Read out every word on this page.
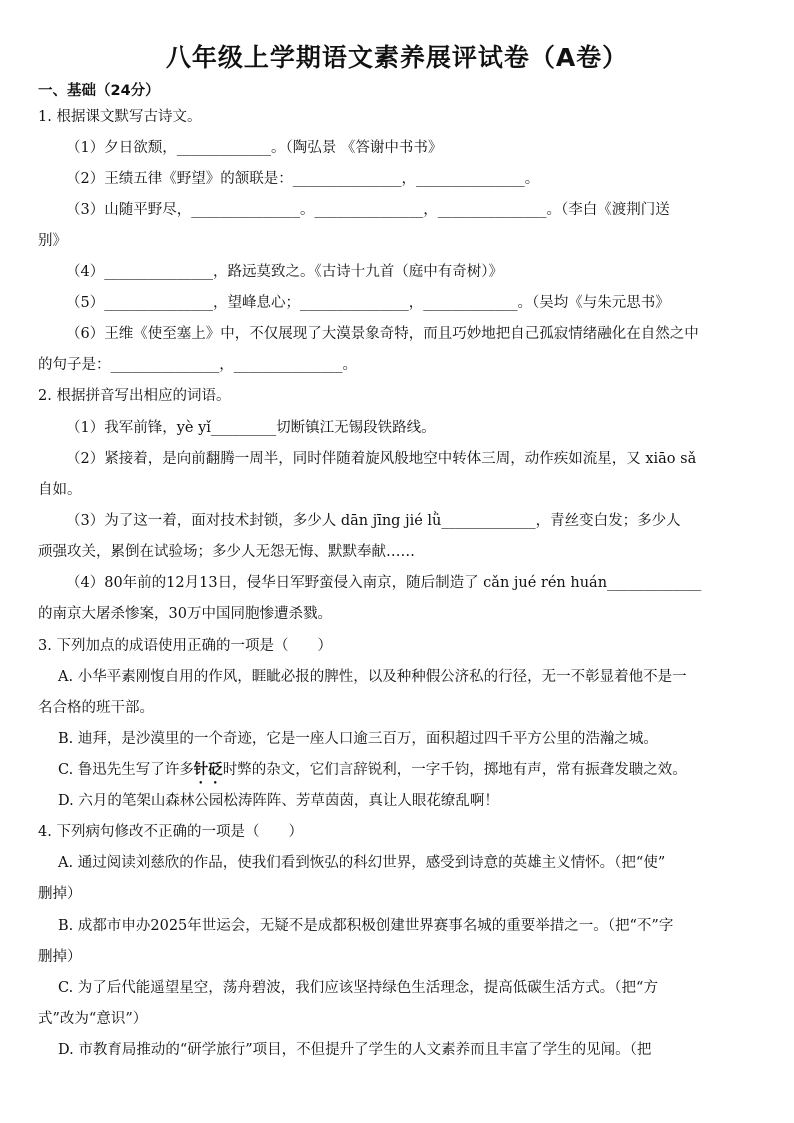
八年级上学期语文素养展评试卷（A卷）
一、基础（24分）
1. 根据课文默写古诗文。
（1）夕日欲颓，_____________。（陶弘景 《答谢中书书》
（2）王绩五律《野望》的颔联是：_______________，_______________。
（3）山随平野尽，_______________。_______________，_______________。（李白《渡荆门送
别》
（4）_______________，路远莫致之。《古诗十九首（庭中有奇树）》
（5）_______________，望峰息心；_______________，_____________。（吴均《与朱元思书》
（6）王维《使至塞上》中，不仅展现了大漠景象奇特，而且巧妙地把自己孤寂情绪融化在自然之中
的句子是：_______________，_______________。
2. 根据拼音写出相应的词语。
（1）我军前锋，yè yǐ_________切断镇江无锡段铁路线。
（2）紧接着，是向前翻腾一周半，同时伴随着旋风般地空中转体三周，动作疾如流星，又 xiāo sǎ
自如。
（3）为了这一着，面对技术封锁，多少人 dān jīng jié lǜ_____________，青丝变白发；多少人
顽强攻关，累倒在试验场；多少人无怨无悔、默默奉献……
（4）80年前的12月13日，侵华日军野蛮侵入南京，随后制造了 cǎn jué rén huán_____________
的南京大屠杀惨案，30万中国同胞惨遭杀戮。
3. 下列加点的成语使用正确的一项是（　　）
A. 小华平素刚愎自用的作风，睚眦必报的脾性，以及种种假公济私的行径，无一不彰显着他不是一
名合格的班干部。
B. 迪拜，是沙漠里的一个奇迹，它是一座人口逾三百万，面积超过四千平方公里的浩瀚之城。
C. 鲁迅先生写了许多针砭时弊的杂文，它们言辞锐利，一字千钧，掷地有声，常有振聋发聩之效。
D. 六月的笔架山森林公园松涛阵阵、芳草茵茵，真让人眼花缭乱啊！
4. 下列病句修改不正确的一项是（　　）
A. 通过阅读刘慈欣的作品，使我们看到恢弘的科幻世界，感受到诗意的英雄主义情怀。（把“使”
删掉）
B. 成都市申办2025年世运会，无疑不是成都积极创建世界赛事名城的重要举措之一。（把“不”字
删掉）
C. 为了后代能遥望星空，荡舟碧波，我们应该坚持绿色生活理念，提高低碳生活方式。（把“方
式”改为“意识”）
D. 市教育局推动的“研学旅行”项目，不但提升了学生的人文素养而且丰富了学生的见闻。（把
